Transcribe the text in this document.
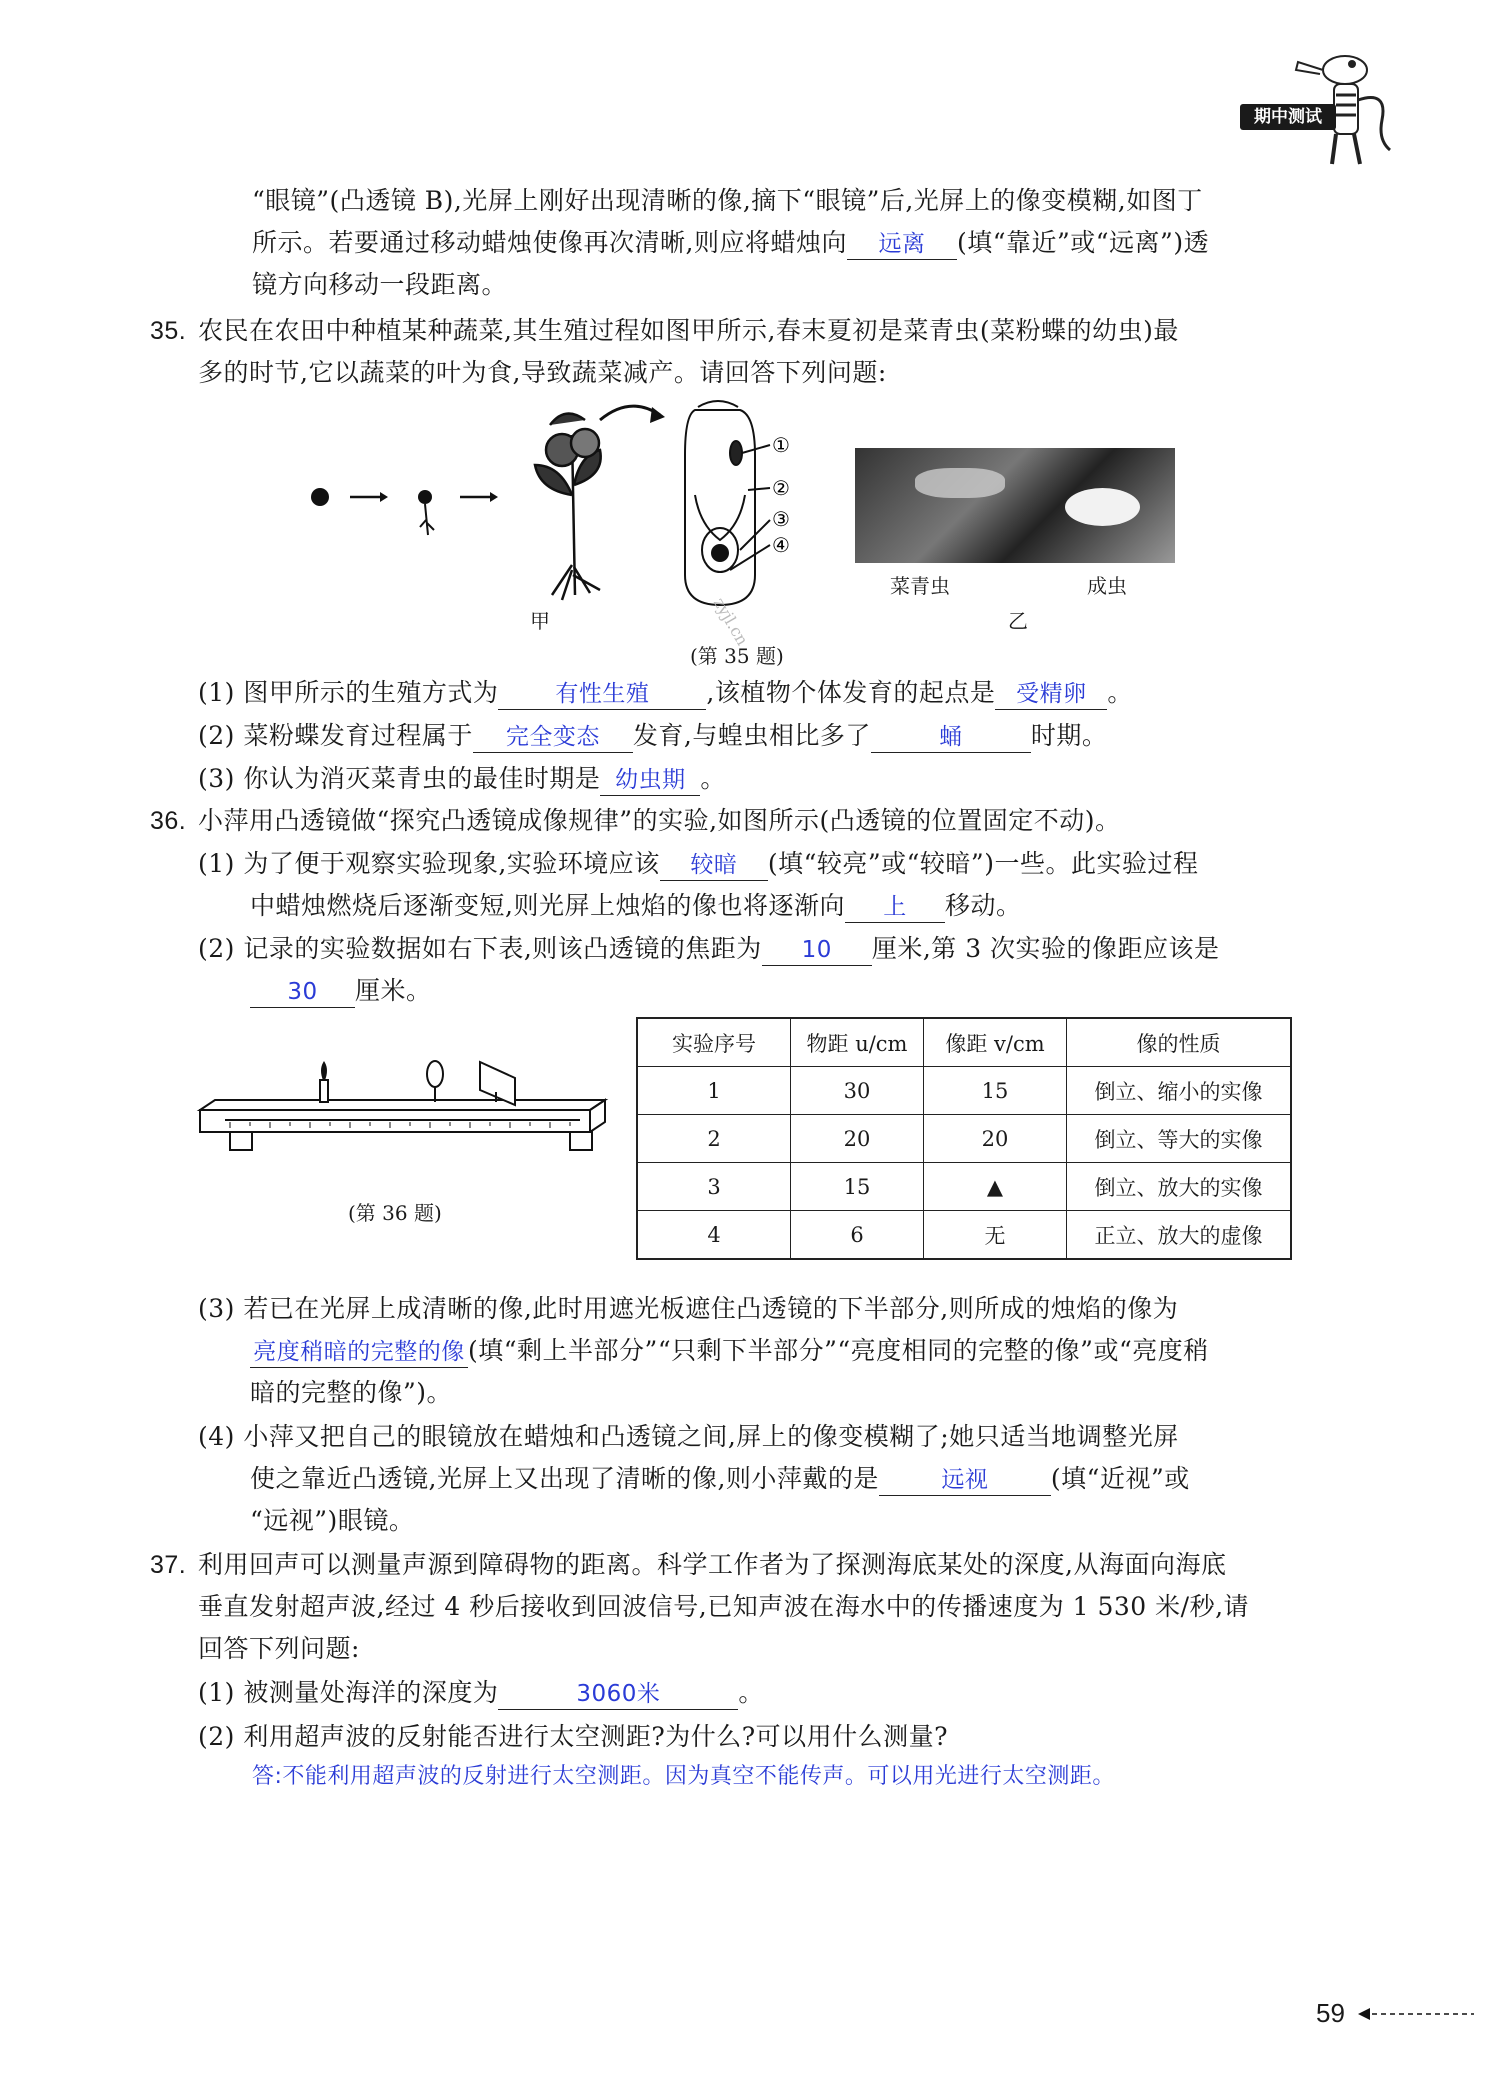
期中测试
“眼镜”(凸透镜 B),光屏上刚好出现清晰的像,摘下“眼镜”后,光屏上的像变模糊,如图丁
所示。若要通过移动蜡烛使像再次清晰,则应将蜡烛向 远离 (填“靠近”或“远离”)透
镜方向移动一段距离。
35. 农民在农田中种植某种蔬菜,其生殖过程如图甲所示,春末夏初是菜青虫(菜粉蝶的幼虫)最
多的时节,它以蔬菜的叶为食,导致蔬菜减产。请回答下列问题:
①
②
③
④
甲
菜青虫	成虫
乙
(第 35 题)
zyjl.cn
(1) 图甲所示的生殖方式为 有性生殖 ,该植物个体发育的起点是 受精卵 。
(2) 菜粉蝶发育过程属于 完全变态 发育,与蝗虫相比多了	蛹	时期。
(3) 你认为消灭菜青虫的最佳时期是 幼虫期 。
36. 小萍用凸透镜做“探究凸透镜成像规律”的实验,如图所示(凸透镜的位置固定不动)。
(1) 为了便于观察实验现象,实验环境应该 较暗 (填“较亮”或“较暗”)一些。此实验过程
中蜡烛燃烧后逐渐变短,则光屏上烛焰的像也将逐渐向 上 移动。
(2) 记录的实验数据如右下表,则该凸透镜的焦距为 10 厘米,第 3 次实验的像距应该是
30 厘米。
(第 36 题)
实验序号	物距 u/cm	像距 v/cm	像的性质
1	30	15	倒立、缩小的实像
2	20	20	倒立、等大的实像
3	15	▲	倒立、放大的实像
4	6	无	正立、放大的虚像
(3) 若已在光屏上成清晰的像,此时用遮光板遮住凸透镜的下半部分,则所成的烛焰的像为
亮度稍暗的完整的像 (填“剩上半部分”“只剩下半部分”“亮度相同的完整的像”或“亮度稍
暗的完整的像”)。
(4) 小萍又把自己的眼镜放在蜡烛和凸透镜之间,屏上的像变模糊了;她只适当地调整光屏
使之靠近凸透镜,光屏上又出现了清晰的像,则小萍戴的是	远视	(填“近视”或
“远视”)眼镜。
37. 利用回声可以测量声源到障碍物的距离。科学工作者为了探测海底某处的深度,从海面向海底
垂直发射超声波,经过 4 秒后接收到回波信号,已知声波在海水中的传播速度为 1 530 米/秒,请
回答下列问题:
(1) 被测量处海洋的深度为	3060米	。
(2) 利用超声波的反射能否进行太空测距?为什么?可以用什么测量?
答:不能利用超声波的反射进行太空测距。因为真空不能传声。可以用光进行太空测距。
59
